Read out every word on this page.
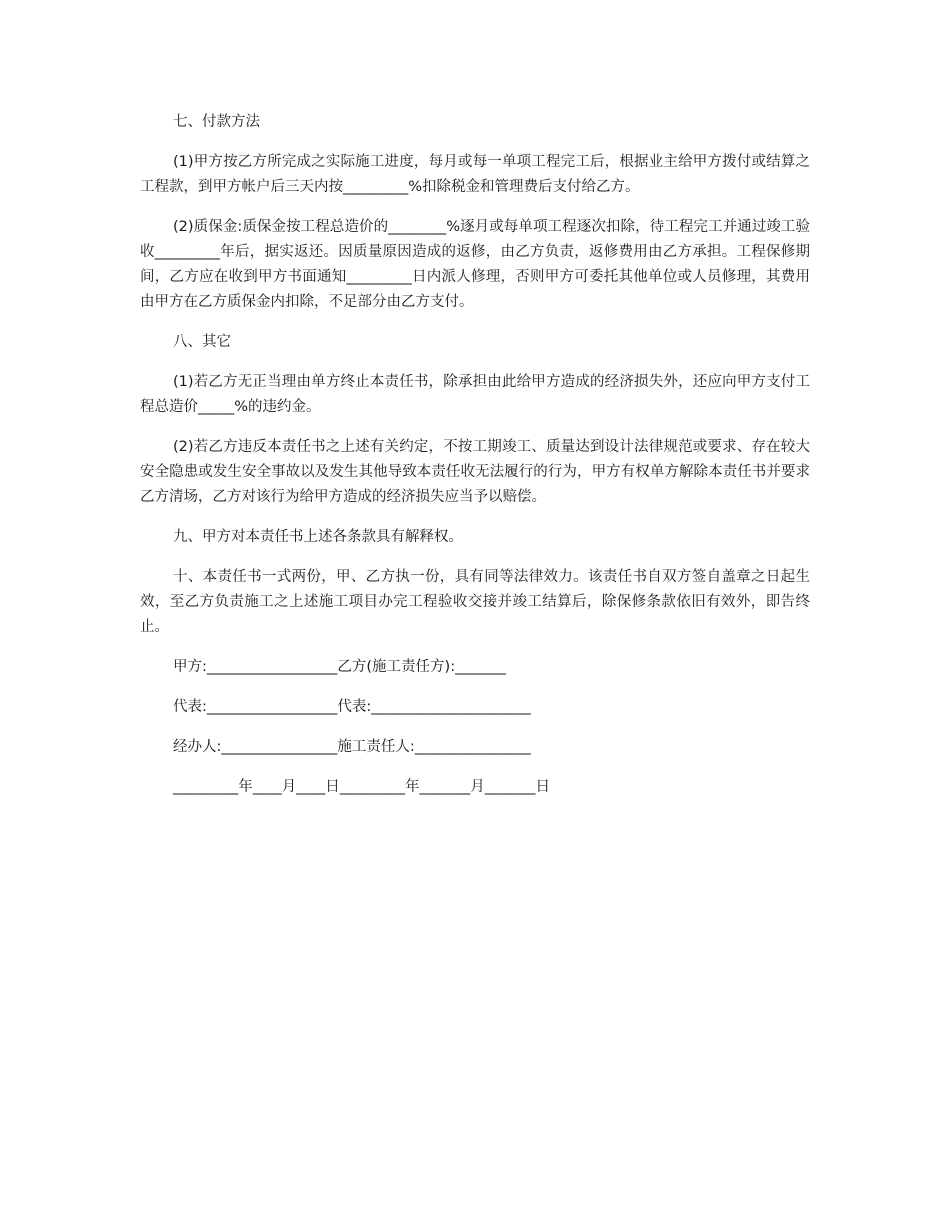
七、付款方法

(1)甲方按乙方所完成之实际施工进度，每月或每一单项工程完工后，根据业主给甲方拨付或结算之工程款，到甲方帐户后三天内按_________%扣除税金和管理费后支付给乙方。

(2)质保金:质保金按工程总造价的________%逐月或每单项工程逐次扣除，待工程完工并通过竣工验收_________年后，据实返还。因质量原因造成的返修，由乙方负责，返修费用由乙方承担。工程保修期间，乙方应在收到甲方书面通知_________日内派人修理，否则甲方可委托其他单位或人员修理，其费用由甲方在乙方质保金内扣除，不足部分由乙方支付。

八、其它

(1)若乙方无正当理由单方终止本责任书，除承担由此给甲方造成的经济损失外，还应向甲方支付工程总造价_____%的违约金。

(2)若乙方违反本责任书之上述有关约定，不按工期竣工、质量达到设计法律规范或要求、存在较大安全隐患或发生安全事故以及发生其他导致本责任收无法履行的行为，甲方有权单方解除本责任书并要求乙方清场，乙方对该行为给甲方造成的经济损失应当予以赔偿。

九、甲方对本责任书上述各条款具有解释权。

十、本责任书一式两份，甲、乙方执一份，具有同等法律效力。该责任书自双方签自盖章之日起生效，至乙方负责施工之上述施工项目办完工程验收交接并竣工结算后，除保修条款依旧有效外，即告终止。

甲方:__________________乙方(施工责任方):_______

代表:__________________代表:______________________

经办人:________________施工责任人:________________

_________年____月____日_________年_______月_______日
